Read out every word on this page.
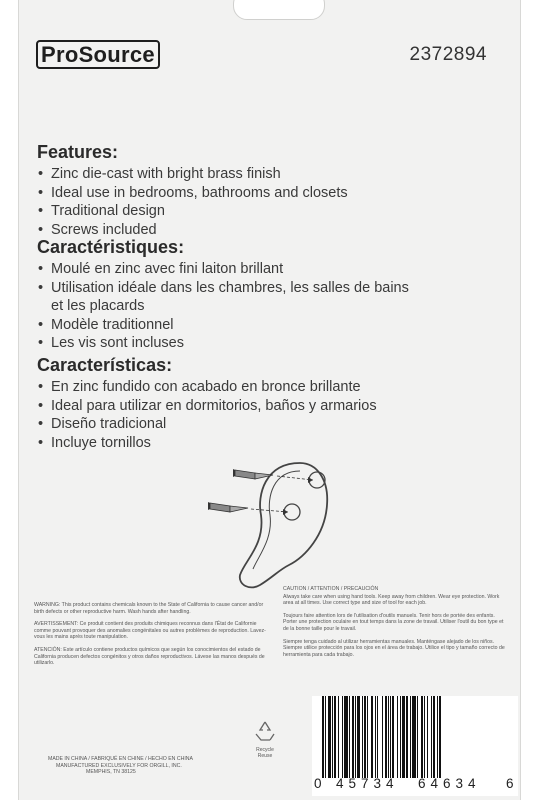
ProSource	2372894
Features:
• Zinc die-cast with bright brass finish
• Ideal use in bedrooms, bathrooms and closets
• Traditional design
• Screws included
Caractéristiques:
• Moulé en zinc avec fini laiton brillant
• Utilisation idéale dans les chambres, les salles de bains et les placards
• Modèle traditionnel
• Les vis sont incluses
Características:
• En zinc fundido con acabado en bronce brillante
• Ideal para utilizar en dormitorios, baños y armarios
• Diseño tradicional
• Incluye tornillos

WARNING: This product contains chemicals known to the State of California to cause cancer and/or birth defects or other reproductive harm. Wash hands after handling.

AVERTISSEMENT: Ce produit contient des produits chimiques reconnus dans l'État de Californie comme pouvant provoquer des anomalies congénitales ou autres problèmes de reproduction. Lavez-vous les mains après toute manipulation.

ATENCIÓN: Este artículo contiene productos químicos que según los conocimientos del estado de California producen defectos congénitos y otros daños reproductivos. Lávese las manos después de utilizarlo.

CAUTION / ATTENTION / PRECAUCIÓN

Always take care when using hand tools. Keep away from children. Wear eye protection. Work area at all times. Use correct type and size of tool for each job.

Toujours faire attention lors de l'utilisation d'outils manuels. Tenir hors de portée des enfants. Porter une protection oculaire en tout temps dans la zone de travail. Utiliser l'outil du bon type et de la bonne taille pour le travail.

Siempre tenga cuidado al utilizar herramientas manuales. Manténgase alejado de los niños. Siempre utilice protección para los ojos en el área de trabajo. Utilice el tipo y tamaño correcto de herramienta para cada trabajo.

MADE IN CHINA / FABRIQUÉ EN CHINE / HECHO EN CHINA
MANUFACTURED EXCLUSIVELY FOR ORGILL, INC.
MEMPHIS, TN 38125
Recycle
Reuse
0 45734 64634 6
